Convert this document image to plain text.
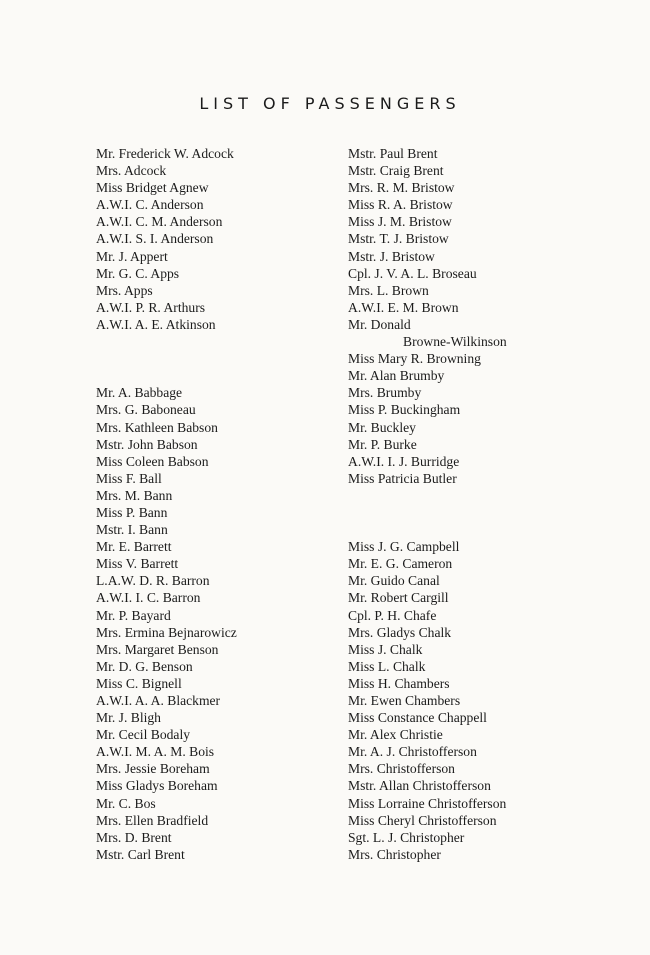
LIST OF PASSENGERS
Mr. Frederick W. Adcock
Mrs. Adcock
Miss Bridget Agnew
A.W.I. C. Anderson
A.W.I. C. M. Anderson
A.W.I. S. I. Anderson
Mr. J. Appert
Mr. G. C. Apps
Mrs. Apps
A.W.I. P. R. Arthurs
A.W.I. A. E. Atkinson
Mr. A. Babbage
Mrs. G. Baboneau
Mrs. Kathleen Babson
Mstr. John Babson
Miss Coleen Babson
Miss F. Ball
Mrs. M. Bann
Miss P. Bann
Mstr. I. Bann
Mr. E. Barrett
Miss V. Barrett
L.A.W. D. R. Barron
A.W.I. I. C. Barron
Mr. P. Bayard
Mrs. Ermina Bejnarowicz
Mrs. Margaret Benson
Mr. D. G. Benson
Miss C. Bignell
A.W.I. A. A. Blackmer
Mr. J. Bligh
Mr. Cecil Bodaly
A.W.I. M. A. M. Bois
Mrs. Jessie Boreham
Miss Gladys Boreham
Mr. C. Bos
Mrs. Ellen Bradfield
Mrs. D. Brent
Mstr. Carl Brent
Mstr. Paul Brent
Mstr. Craig Brent
Mrs. R. M. Bristow
Miss R. A. Bristow
Miss J. M. Bristow
Mstr. T. J. Bristow
Mstr. J. Bristow
Cpl. J. V. A. L. Broseau
Mrs. L. Brown
A.W.I. E. M. Brown
Mr. Donald
Browne-Wilkinson
Miss Mary R. Browning
Mr. Alan Brumby
Mrs. Brumby
Miss P. Buckingham
Mr. Buckley
Mr. P. Burke
A.W.I. I. J. Burridge
Miss Patricia Butler
Miss J. G. Campbell
Mr. E. G. Cameron
Mr. Guido Canal
Mr. Robert Cargill
Cpl. P. H. Chafe
Mrs. Gladys Chalk
Miss J. Chalk
Miss L. Chalk
Miss H. Chambers
Mr. Ewen Chambers
Miss Constance Chappell
Mr. Alex Christie
Mr. A. J. Christofferson
Mrs. Christofferson
Mstr. Allan Christofferson
Miss Lorraine Christofferson
Miss Cheryl Christofferson
Sgt. L. J. Christopher
Mrs. Christopher
